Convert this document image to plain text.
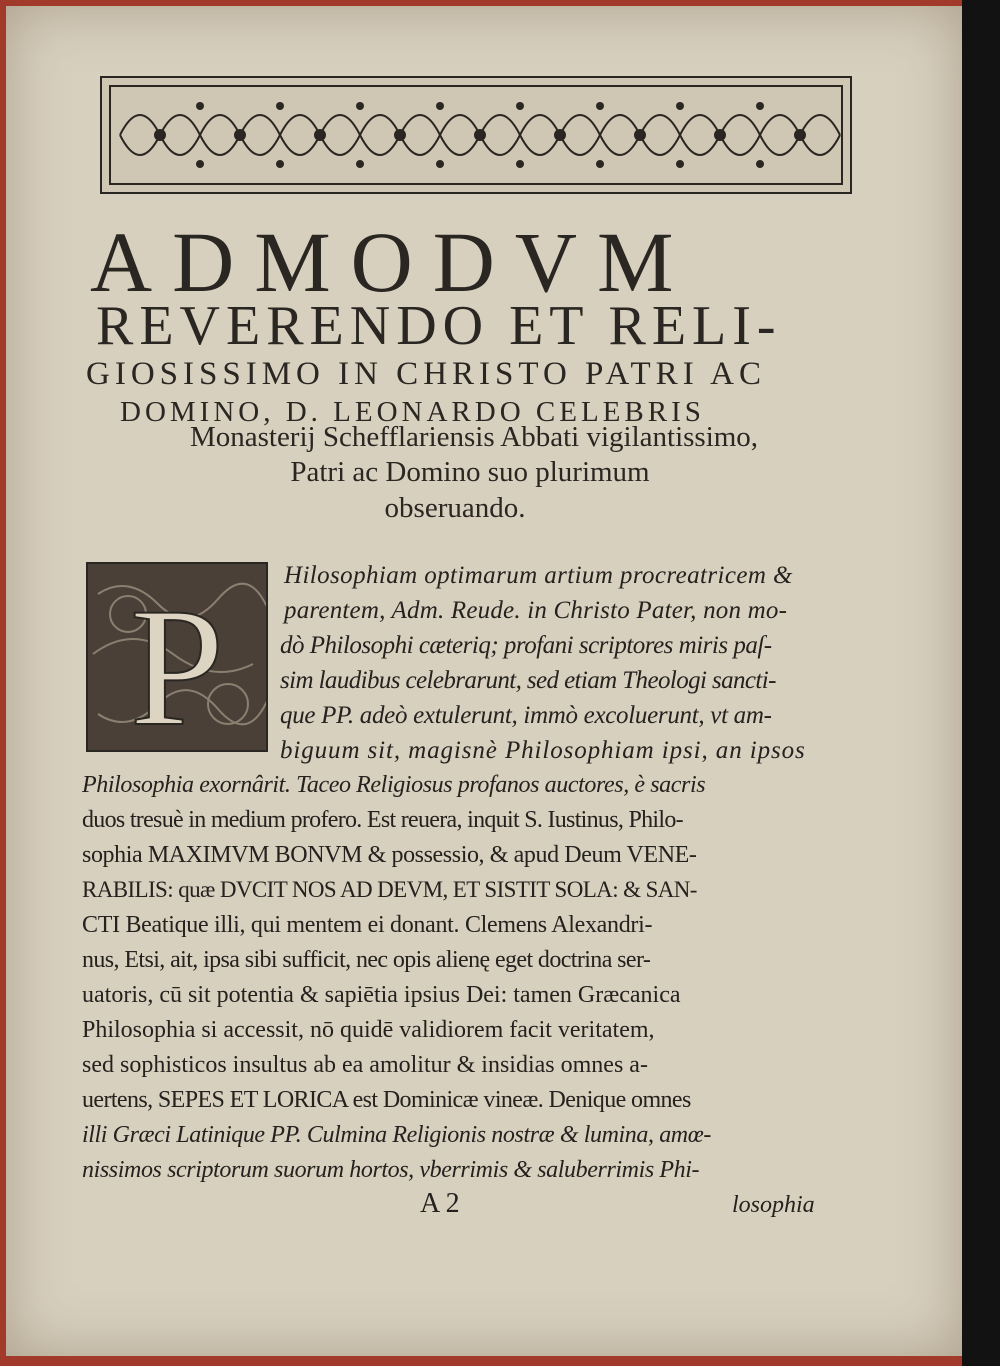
ADMODVM
REVERENDO ET RELI-
GIOSISSIMO IN CHRISTO PATRI AC
DOMINO, D. LEONARDO CELEBRIS
Monasterij Schefflariensis Abbati vigilantissimo,
Patri ac Domino suo plurimum
obseruando.
P Hilosophiam optimarum artium procreatricem &
parentem, Adm. Reude. in Christo Pater, non mo-
dò Philosophi cæteriq; profani scriptores miris paſ-
sim laudibus celebrarunt, sed etiam Theologi sancti-
que PP. adeò extulerunt, immò excoluerunt, vt am-
biguum sit, magisnè Philosophiam ipsi, an ipsos
Philosophia exornârit. Taceo Religiosus profanos auctores, è sacris
duos tresuè in medium profero. Est reuera, inquit S. Iustinus, Philo-
sophia MAXIMVM BONVM & possessio, & apud Deum VENE-
RABILIS: quæ DVCIT NOS AD DEVM, ET SISTIT SOLA: & SAN-
CTI Beatique illi, qui mentem ei donant. Clemens Alexandri-
nus, Etsi, ait, ipsa sibi sufficit, nec opis alienę eget doctrina ser-
uatoris, cū sit potentia & sapiētia ipsius Dei: tamen Græcanica
Philosophia si accessit, nō quidē validiorem facit veritatem,
sed sophisticos insultus ab ea amolitur & insidias omnes a-
uertens, SEPES ET LORICA est Dominicæ vineæ. Denique omnes
illi Græci Latinique PP. Culmina Religionis nostræ & lumina, amœ-
nissimos scriptorum suorum hortos, vberrimis & saluberrimis Phi-
A 2	losophia
